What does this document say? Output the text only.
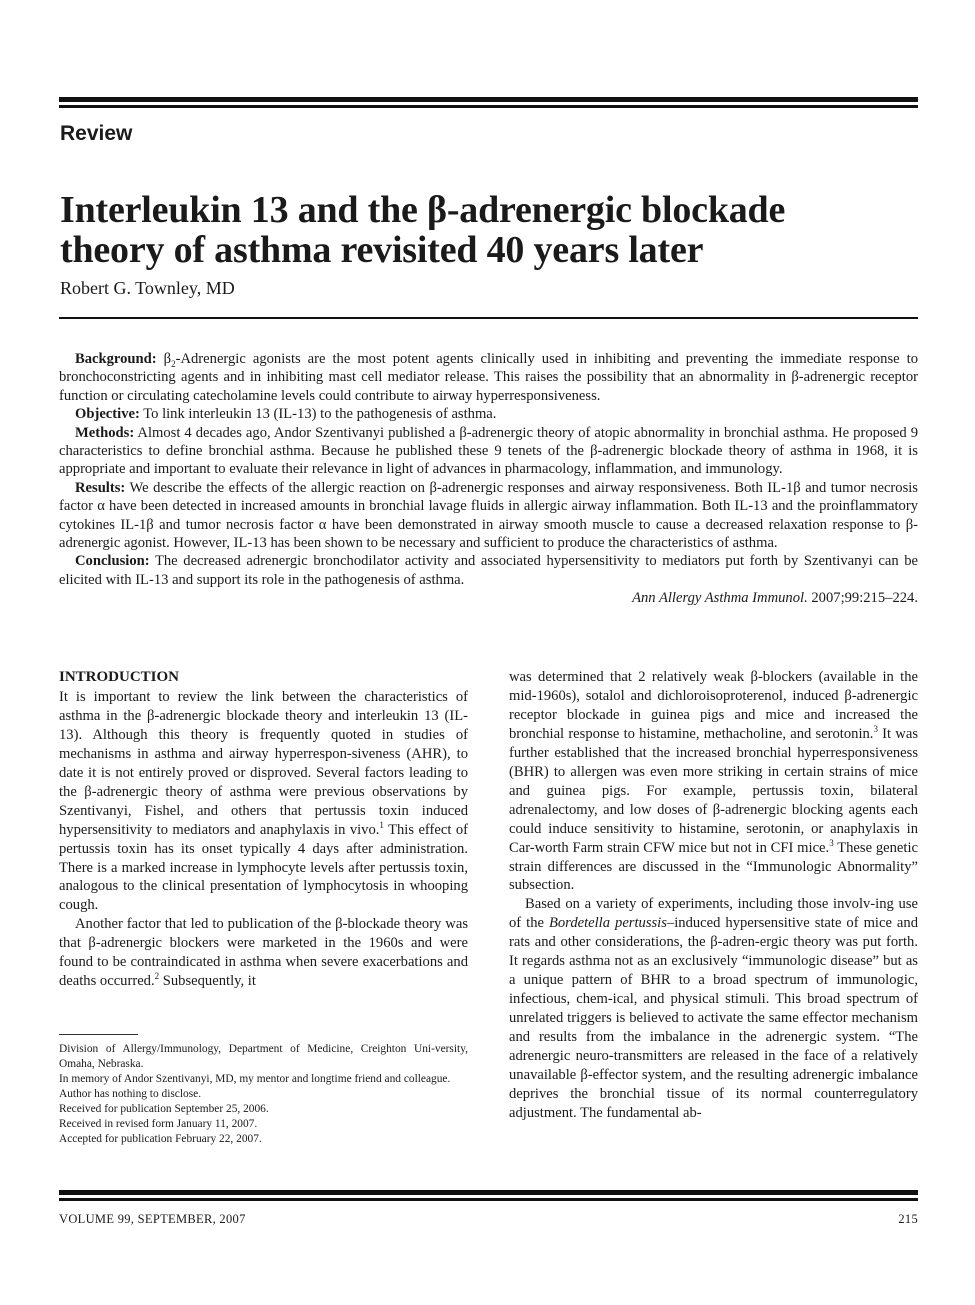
Review
Interleukin 13 and the β-adrenergic blockade
theory of asthma revisited 40 years later
Robert G. Townley, MD

Background: $\beta_2$-Adrenergic agonists are the most potent agents clinically used in inhibiting and preventing the immediate response to bronchoconstricting agents and in inhibiting mast cell mediator release. This raises the possibility that an abnormality in β-adrenergic receptor function or circulating catecholamine levels could contribute to airway hyperresponsiveness.

Objective: To link interleukin 13 (IL-13) to the pathogenesis of asthma.

Methods: Almost 4 decades ago, Andor Szentivanyi published a β-adrenergic theory of atopic abnormality in bronchial asthma. He proposed 9 characteristics to define bronchial asthma. Because he published these 9 tenets of the β-adrenergic blockade theory of asthma in 1968, it is appropriate and important to evaluate their relevance in light of advances in pharmacology, inflammation, and immunology.

Results: We describe the effects of the allergic reaction on β-adrenergic responses and airway responsiveness. Both IL-1β and tumor necrosis factor α have been detected in increased amounts in bronchial lavage fluids in allergic airway inflammation. Both IL-13 and the proinflammatory cytokines IL-1β and tumor necrosis factor α have been demonstrated in airway smooth muscle to cause a decreased relaxation response to β-adrenergic agonist. However, IL-13 has been shown to be necessary and sufficient to produce the characteristics of asthma.

Conclusion: The decreased adrenergic bronchodilator activity and associated hypersensitivity to mediators put forth by Szentivanyi can be elicited with IL-13 and support its role in the pathogenesis of asthma.

Ann Allergy Asthma Immunol. 2007;99:215–224.

INTRODUCTION

It is important to review the link between the characteristics of asthma in the β-adrenergic blockade theory and interleukin 13 (IL-13). Although this theory is frequently quoted in studies of mechanisms in asthma and airway hyperrespon-siveness (AHR), to date it is not entirely proved or disproved. Several factors leading to the β-adrenergic theory of asthma were previous observations by Szentivanyi, Fishel, and others that pertussis toxin induced hypersensitivity to mediators and anaphylaxis in vivo.$^1$ This effect of pertussis toxin has its onset typically 4 days after administration. There is a marked increase in lymphocyte levels after pertussis toxin, analogous to the clinical presentation of lymphocytosis in whooping cough.

Another factor that led to publication of the β-blockade theory was that β-adrenergic blockers were marketed in the 1960s and were found to be contraindicated in asthma when severe exacerbations and deaths occurred.$^2$ Subsequently, it

was determined that 2 relatively weak β-blockers (available in the mid-1960s), sotalol and dichloroisoproterenol, induced β-adrenergic receptor blockade in guinea pigs and mice and increased the bronchial response to histamine, methacholine, and serotonin.$^3$ It was further established that the increased bronchial hyperresponsiveness (BHR) to allergen was even more striking in certain strains of mice and guinea pigs. For example, pertussis toxin, bilateral adrenalectomy, and low doses of β-adrenergic blocking agents each could induce sensitivity to histamine, serotonin, or anaphylaxis in Car-worth Farm strain CFW mice but not in CFI mice.$^3$ These genetic strain differences are discussed in the “Immunologic Abnormality” subsection.

Based on a variety of experiments, including those involv-ing use of the Bordetella pertussis–induced hypersensitive state of mice and rats and other considerations, the β-adren-ergic theory was put forth. It regards asthma not as an exclusively “immunologic disease” but as a unique pattern of BHR to a broad spectrum of immunologic, infectious, chem-ical, and physical stimuli. This broad spectrum of unrelated triggers is believed to activate the same effector mechanism and results from the imbalance in the adrenergic system. “The adrenergic neuro-transmitters are released in the face of a relatively unavailable β-effector system, and the resulting adrenergic imbalance deprives the bronchial tissue of its normal counterregulatory adjustment. The fundamental ab-

Division of Allergy/Immunology, Department of Medicine, Creighton Uni-versity, Omaha, Nebraska.

In memory of Andor Szentivanyi, MD, my mentor and longtime friend and colleague.

Author has nothing to disclose.

Received for publication September 25, 2006.

Received in revised form January 11, 2007.

Accepted for publication February 22, 2007.

VOLUME 99, SEPTEMBER, 2007	215
